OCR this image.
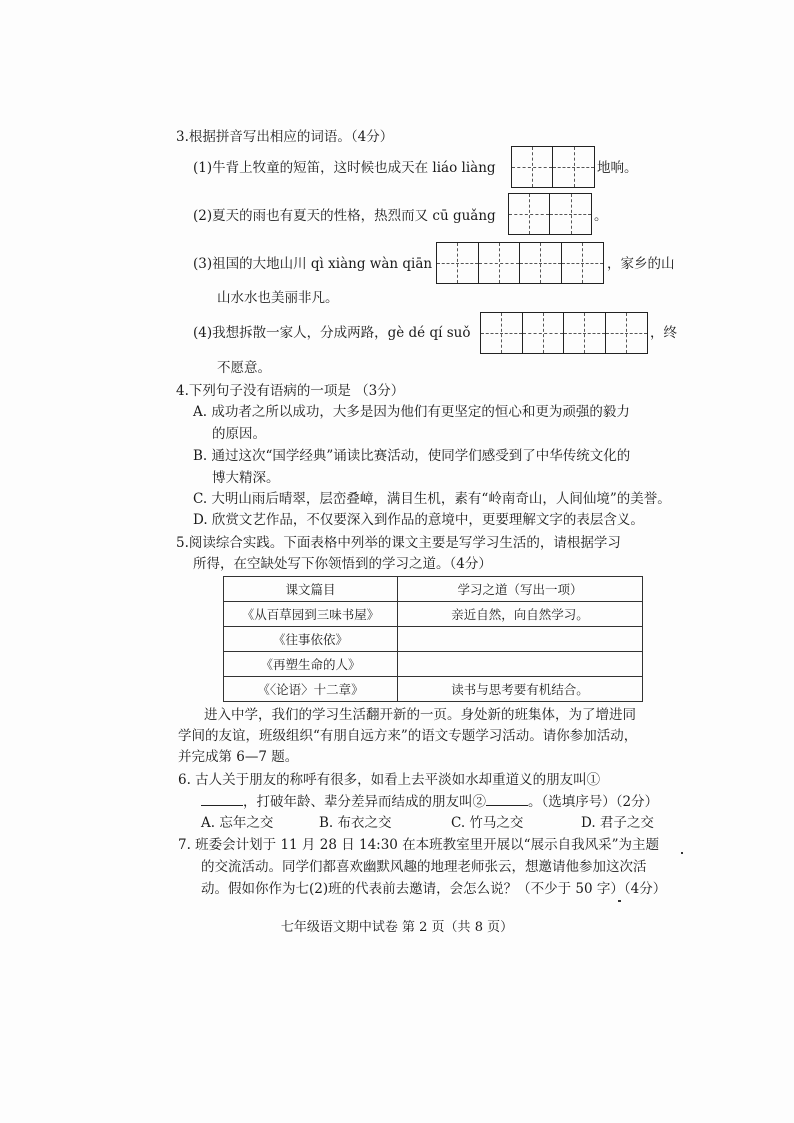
3.根据拼音写出相应的词语。（4分）
(1)牛背上牧童的短笛，这时候也成天在 liáo liàng	地响。
(2)夏天的雨也有夏天的性格，热烈而又 cū guǎng	。
(3)祖国的大地山川 qì xiàng wàn qiān	，家乡的山
山水水也美丽非凡。
(4)我想拆散一家人，分成两路，gè dé qí suǒ	，终
不愿意。
4.下列句子没有语病的一项是 （3分）
A. 成功者之所以成功，大多是因为他们有更坚定的恒心和更为顽强的毅力
的原因。
B. 通过这次“国学经典”诵读比赛活动，使同学们感受到了中华传统文化的
博大精深。
C. 大明山雨后晴翠，层峦叠嶂，满目生机，素有“岭南奇山，人间仙境”的美誉。
D. 欣赏文艺作品，不仅要深入到作品的意境中，更要理解文字的表层含义。
5.阅读综合实践。下面表格中列举的课文主要是写学习生活的，请根据学习
所得，在空缺处写下你领悟到的学习之道。（4分）
课文篇目	学习之道（写出一项）
《从百草园到三味书屋》	亲近自然，向自然学习。
《往事依依》	
《再塑生命的人》	
《〈论语〉十二章》	读书与思考要有机结合。
进入中学，我们的学习生活翻开新的一页。身处新的班集体，为了增进同
学间的友谊，班级组织“有朋自远方来”的语文专题学习活动。请你参加活动，
并完成第 6—7 题。
6. 古人关于朋友的称呼有很多，如看上去平淡如水却重道义的朋友叫①
，打破年龄、辈分差异而结成的朋友叫②	。（选填序号）（2分）
A. 忘年之交	B. 布衣之交	C. 竹马之交	D. 君子之交
7. 班委会计划于 11 月 28 日 14:30 在本班教室里开展以“展示自我风采”为主题
的交流活动。同学们都喜欢幽默风趣的地理老师张云，想邀请他参加这次活
动。假如你作为七(2)班的代表前去邀请，会怎么说？（不少于 50 字）（4分）
七年级语文期中试卷 第 2 页（共 8 页）
